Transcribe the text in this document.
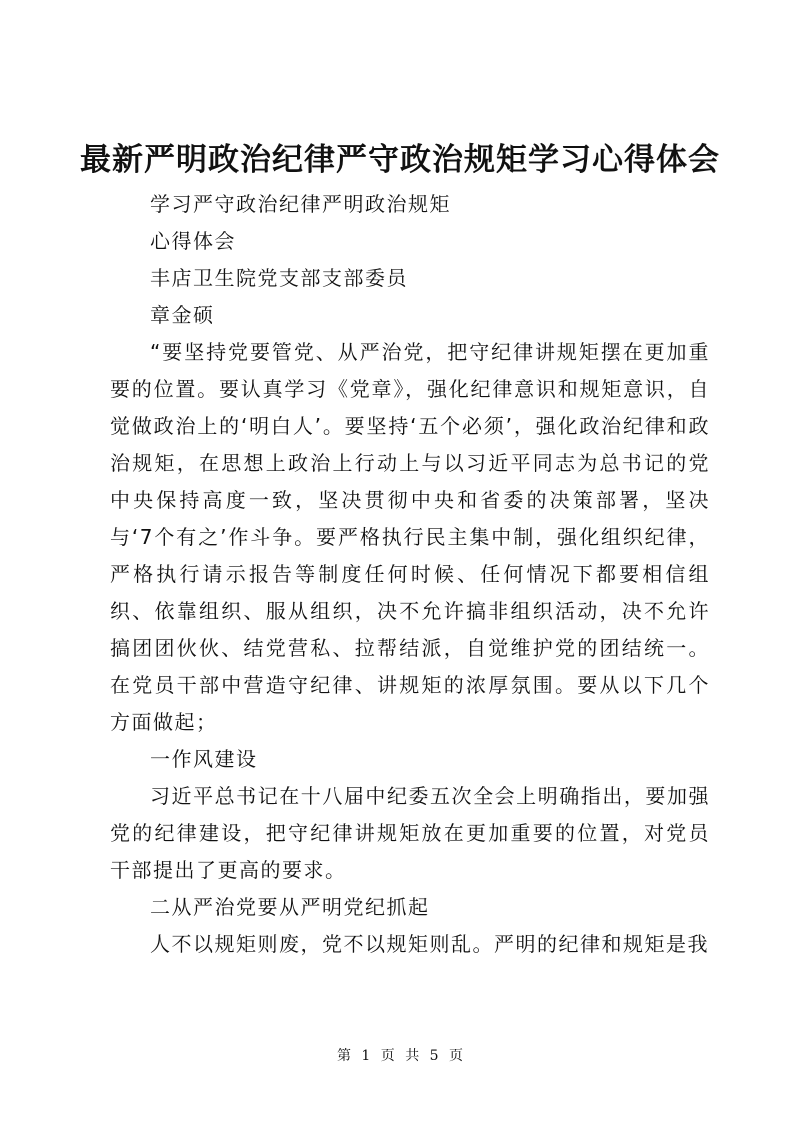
最新严明政治纪律严守政治规矩学习心得体会

学习严守政治纪律严明政治规矩

心得体会

丰店卫生院党支部支部委员

章金硕

“要坚持党要管党、从严治党，把守纪律讲规矩摆在更加重要的位置。要认真学习《党章》，强化纪律意识和规矩意识，自觉做政治上的‘明白人’。要坚持‘五个必须’，强化政治纪律和政治规矩，在思想上政治上行动上与以习近平同志为总书记的党中央保持高度一致，坚决贯彻中央和省委的决策部署，坚决与‘7个有之’作斗争。要严格执行民主集中制，强化组织纪律，严格执行请示报告等制度任何时候、任何情况下都要相信组织、依靠组织、服从组织，决不允许搞非组织活动，决不允许搞团团伙伙、结党营私、拉帮结派，自觉维护党的团结统一。在党员干部中营造守纪律、讲规矩的浓厚氛围。要从以下几个方面做起；

一作风建设

习近平总书记在十八届中纪委五次全会上明确指出，要加强党的纪律建设，把守纪律讲规矩放在更加重要的位置，对党员干部提出了更高的要求。

二从严治党要从严明党纪抓起

人不以规矩则废，党不以规矩则乱。严明的纪律和规矩是我

第 1 页 共 5 页
